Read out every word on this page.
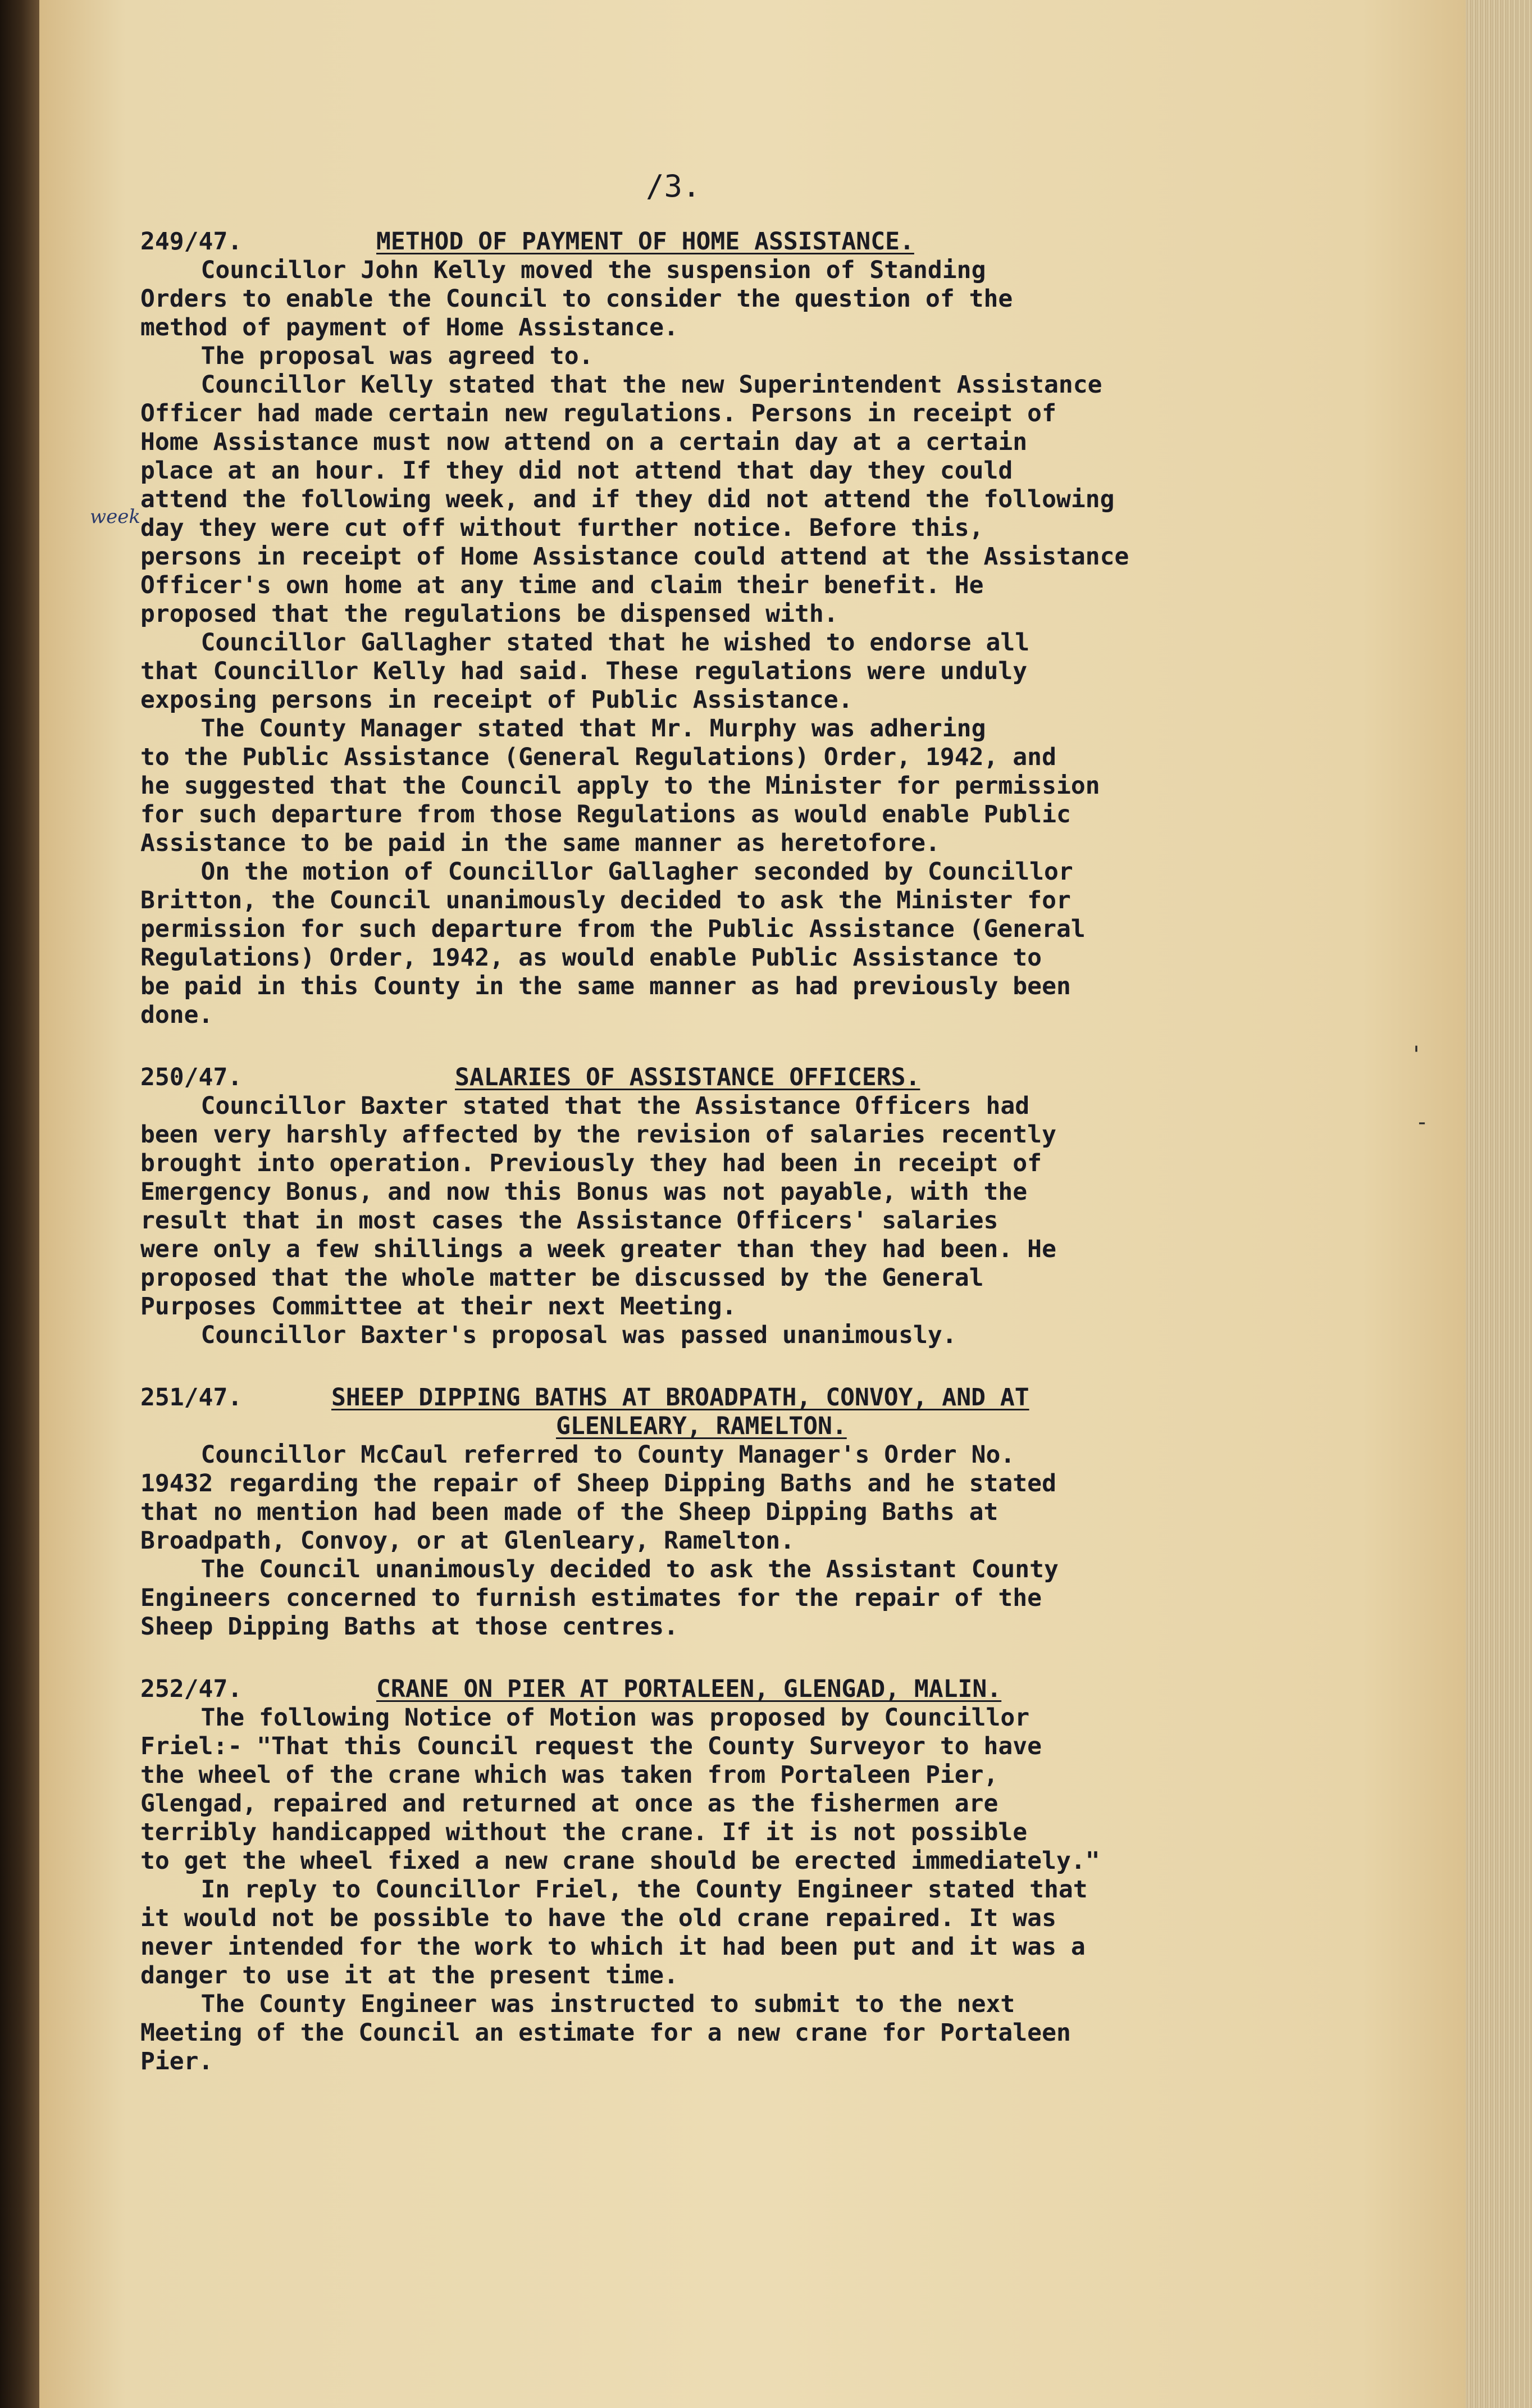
/3.
week
'
-
249/47.	METHOD OF PAYMENT OF HOME ASSISTANCE.

Councillor John Kelly moved the suspension of Standing
Orders to enable the Council to consider the question of the
method of payment of Home Assistance.

The proposal was agreed to.

Councillor Kelly stated that the new Superintendent Assistance
Officer had made certain new regulations. Persons in receipt of
Home Assistance must now attend on a certain day at a certain
place at an hour. If they did not attend that day they could
attend the following week, and if they did not attend the following
day they were cut off without further notice. Before this,
persons in receipt of Home Assistance could attend at the Assistance
Officer's own home at any time and claim their benefit. He
proposed that the regulations be dispensed with.

Councillor Gallagher stated that he wished to endorse all
that Councillor Kelly had said. These regulations were unduly
exposing persons in receipt of Public Assistance.

The County Manager stated that Mr. Murphy was adhering
to the Public Assistance (General Regulations) Order, 1942, and
he suggested that the Council apply to the Minister for permission
for such departure from those Regulations as would enable Public
Assistance to be paid in the same manner as heretofore.

On the motion of Councillor Gallagher seconded by Councillor
Britton, the Council unanimously decided to ask the Minister for
permission for such departure from the Public Assistance (General
Regulations) Order, 1942, as would enable Public Assistance to
be paid in this County in the same manner as had previously been
done.

250/47.	SALARIES OF ASSISTANCE OFFICERS.

Councillor Baxter stated that the Assistance Officers had
been very harshly affected by the revision of salaries recently
brought into operation. Previously they had been in receipt of
Emergency Bonus, and now this Bonus was not payable, with the
result that in most cases the Assistance Officers' salaries
were only a few shillings a week greater than they had been. He
proposed that the whole matter be discussed by the General
Purposes Committee at their next Meeting.

Councillor Baxter's proposal was passed unanimously.

251/47.	SHEEP DIPPING BATHS AT BROADPATH, CONVOY, AND AT
GLENLEARY, RAMELTON.

Councillor McCaul referred to County Manager's Order No.
19432 regarding the repair of Sheep Dipping Baths and he stated
that no mention had been made of the Sheep Dipping Baths at
Broadpath, Convoy, or at Glenleary, Ramelton.

The Council unanimously decided to ask the Assistant County
Engineers concerned to furnish estimates for the repair of the
Sheep Dipping Baths at those centres.

252/47.	CRANE ON PIER AT PORTALEEN, GLENGAD, MALIN.

The following Notice of Motion was proposed by Councillor
Friel:- "That this Council request the County Surveyor to have
the wheel of the crane which was taken from Portaleen Pier,
Glengad, repaired and returned at once as the fishermen are
terribly handicapped without the crane. If it is not possible
to get the wheel fixed a new crane should be erected immediately."

In reply to Councillor Friel, the County Engineer stated that
it would not be possible to have the old crane repaired. It was
never intended for the work to which it had been put and it was a
danger to use it at the present time.

The County Engineer was instructed to submit to the next
Meeting of the Council an estimate for a new crane for Portaleen
Pier.
